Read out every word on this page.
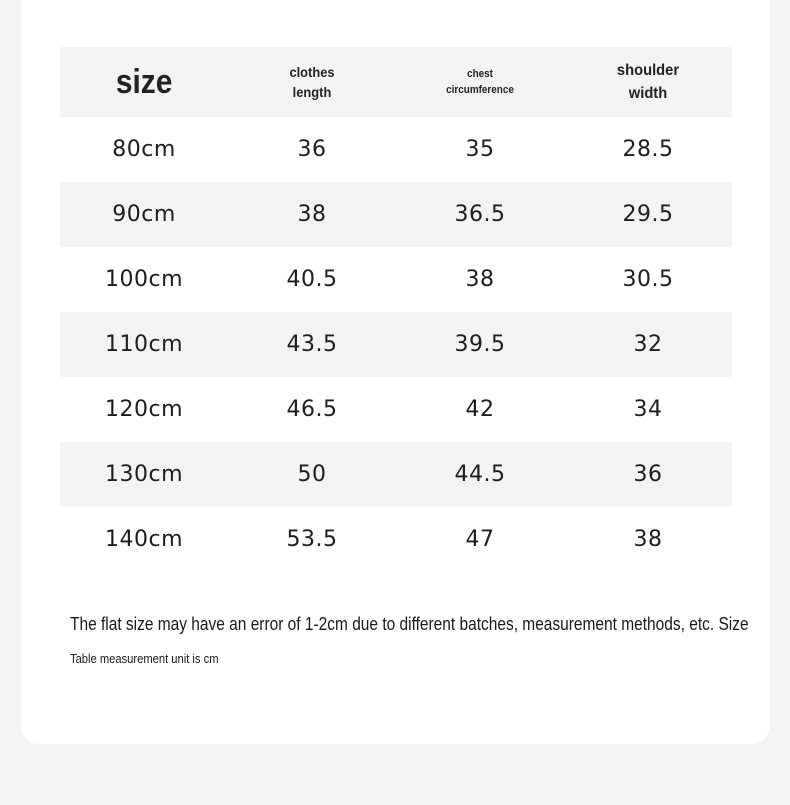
size	clothes length	chest circumference	shoulder width
80cm	36	35	28.5
90cm	38	36.5	29.5
100cm	40.5	38	30.5
110cm	43.5	39.5	32
120cm	46.5	42	34
130cm	50	44.5	36
140cm	53.5	47	38
The flat size may have an error of 1-2cm due to different batches, measurement methods, etc. Size
Table measurement unit is cm
